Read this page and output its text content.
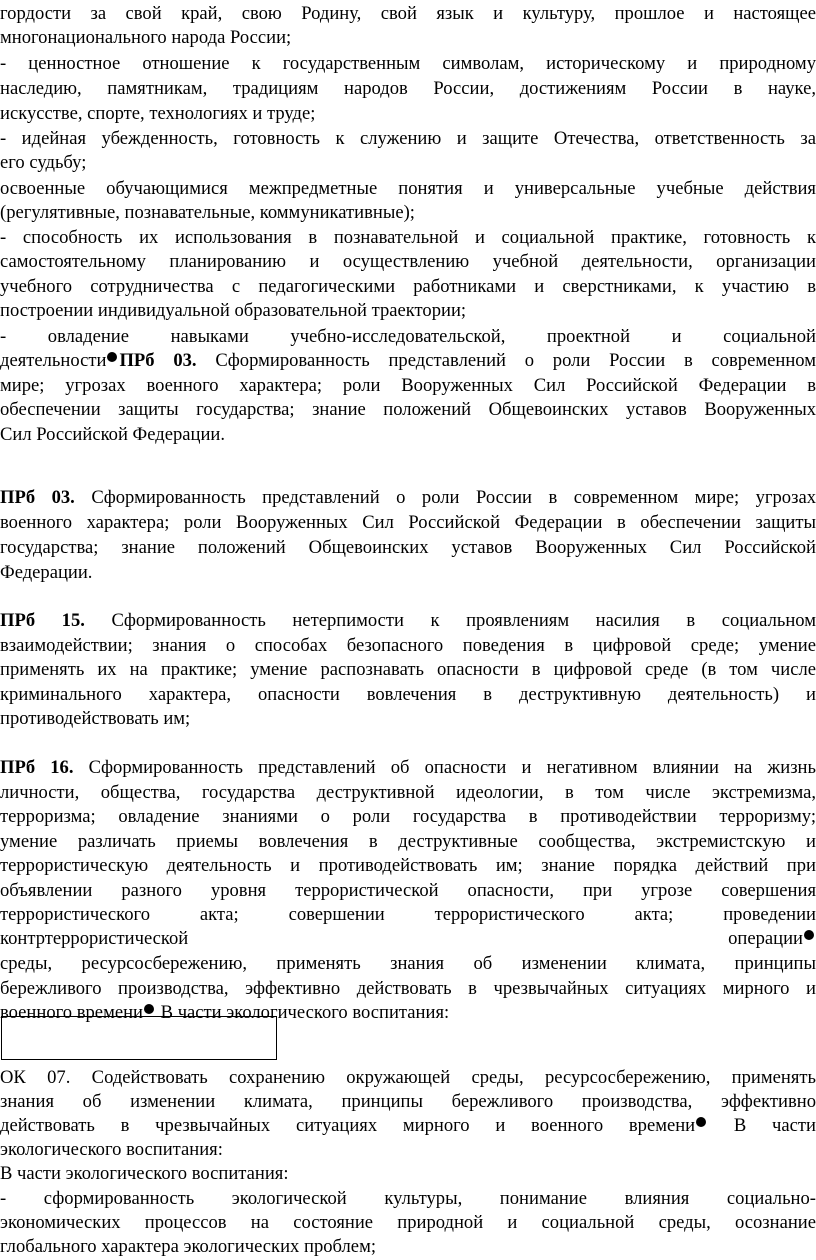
гордости за свой край, свою Родину, свой язык и культуру, прошлое и настоящее
многонационального народа России;
- ценностное отношение к государственным символам, историческому и природному
наследию, памятникам, традициям народов России, достижениям России в науке,
искусстве, спорте, технологиях и труде;
- идейная убежденность, готовность к служению и защите Отечества, ответственность за
его судьбу;
освоенные обучающимися межпредметные понятия и универсальные учебные действия
(регулятивные, познавательные, коммуникативные);
- способность их использования в познавательной и социальной практике, готовность к
самостоятельному планированию и осуществлению учебной деятельности, организации
учебного сотрудничества с педагогическими работниками и сверстниками, к участию в
построении индивидуальной образовательной траектории;
- овладение навыками учебно-исследовательской, проектной и социальной
деятельности ПРб 03. Сформированность представлений о роли России в современном
мире; угрозах военного характера; роли Вооруженных Сил Российской Федерации в
обеспечении защиты государства; знание положений Общевоинских уставов Вооруженных
Сил Российской Федерации.
ПРб 03. Сформированность представлений о роли России в современном мире; угрозах
военного характера; роли Вооруженных Сил Российской Федерации в обеспечении защиты
государства; знание положений Общевоинских уставов Вооруженных Сил Российской
Федерации.
ПРб 15. Сформированность нетерпимости к проявлениям насилия в социальном
взаимодействии; знания о способах безопасного поведения в цифровой среде; умение
применять их на практике; умение распознавать опасности в цифровой среде (в том числе
криминального характера, опасности вовлечения в деструктивную деятельность) и
противодействовать им;
ПРб 16. Сформированность представлений об опасности и негативном влиянии на жизнь
личности, общества, государства деструктивной идеологии, в том числе экстремизма,
терроризма; овладение знаниями о роли государства в противодействии терроризму;
умение различать приемы вовлечения в деструктивные сообщества, экстремистскую и
террористическую деятельность и противодействовать им; знание порядка действий при
объявлении разного уровня террористической опасности, при угрозе совершения
террористического акта; совершении террористического акта; проведении
контртеррористической	операции
среды, ресурсосбережению, применять знания об изменении климата, принципы
бережливого производства, эффективно действовать в чрезвычайных ситуациях мирного и
военного времени В части экологического воспитания:
ОК 07. Содействовать сохранению окружающей среды, ресурсосбережению, применять
знания об изменении климата, принципы бережливого производства, эффективно
действовать в чрезвычайных ситуациях мирного и военного времени В части
экологического воспитания:
В части экологического воспитания:
- сформированность экологической культуры, понимание влияния социально-
экономических процессов на состояние природной и социальной среды, осознание
глобального характера экологических проблем;
